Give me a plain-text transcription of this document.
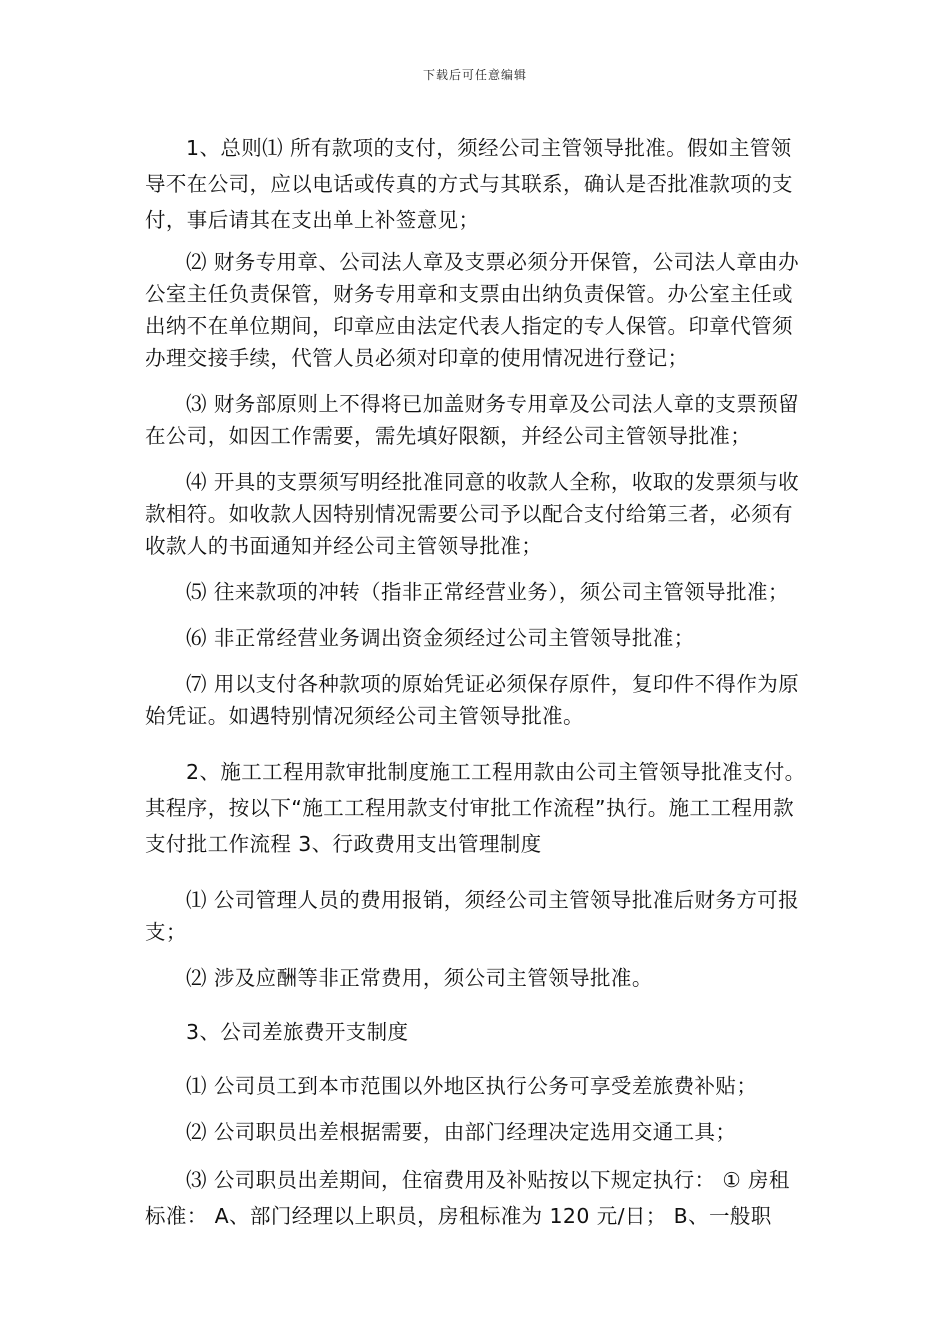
下载后可任意编辑

1、总则⑴ 所有款项的支付，须经公司主管领导批准。假如主管领导不在公司，应以电话或传真的方式与其联系，确认是否批准款项的支付，事后请其在支出单上补签意见；

⑵ 财务专用章、公司法人章及支票必须分开保管，公司法人章由办公室主任负责保管，财务专用章和支票由出纳负责保管。办公室主任或出纳不在单位期间，印章应由法定代表人指定的专人保管。印章代管须办理交接手续，代管人员必须对印章的使用情况进行登记；

⑶ 财务部原则上不得将已加盖财务专用章及公司法人章的支票预留在公司，如因工作需要，需先填好限额，并经公司主管领导批准；

⑷ 开具的支票须写明经批准同意的收款人全称，收取的发票须与收款相符。如收款人因特别情况需要公司予以配合支付给第三者，必须有收款人的书面通知并经公司主管领导批准；

⑸ 往来款项的冲转（指非正常经营业务），须公司主管领导批准；

⑹ 非正常经营业务调出资金须经过公司主管领导批准；

⑺ 用以支付各种款项的原始凭证必须保存原件，复印件不得作为原始凭证。如遇特别情况须经公司主管领导批准。

2、施工工程用款审批制度施工工程用款由公司主管领导批准支付。其程序，按以下“施工工程用款支付审批工作流程”执行。施工工程用款支付批工作流程 3、行政费用支出管理制度

⑴ 公司管理人员的费用报销，须经公司主管领导批准后财务方可报支；

⑵ 涉及应酬等非正常费用，须公司主管领导批准。

3、公司差旅费开支制度

⑴ 公司员工到本市范围以外地区执行公务可享受差旅费补贴；

⑵ 公司职员出差根据需要，由部门经理决定选用交通工具；

⑶ 公司职员出差期间，住宿费用及补贴按以下规定执行： ① 房租标准： A、部门经理以上职员，房租标准为 120 元/日； B、一般职
